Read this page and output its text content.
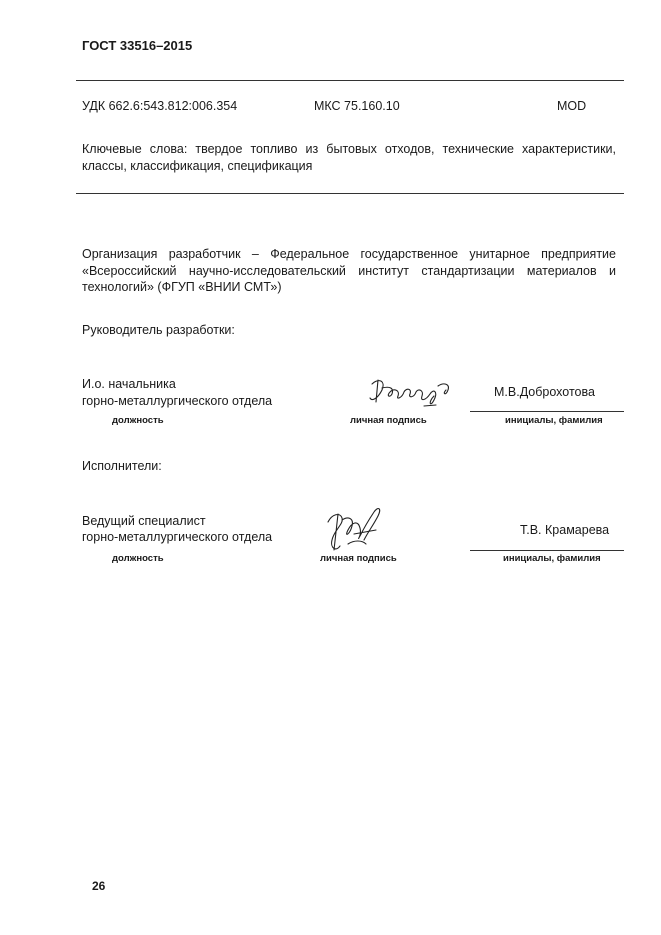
ГОСТ 33516–2015
УДК 662.6:543.812:006.354	МКС 75.160.10	MOD
Ключевые слова: твердое топливо из бытовых отходов, технические характеристики,
классы, классификация, спецификация
Организация разработчик – Федеральное государственное унитарное предприятие
«Всероссийский научно-исследовательский институт стандартизации материалов и
технологий» (ФГУП «ВНИИ СМТ»)
Руководитель разработки:
И.о. начальника
горно-металлургического отдела
М.В.Доброхотова
должность	личная подпись	инициалы, фамилия
Исполнители:
Ведущий специалист
горно-металлургического отдела	Т.В. Крамарева
должность	личная подпись	инициалы, фамилия
26
